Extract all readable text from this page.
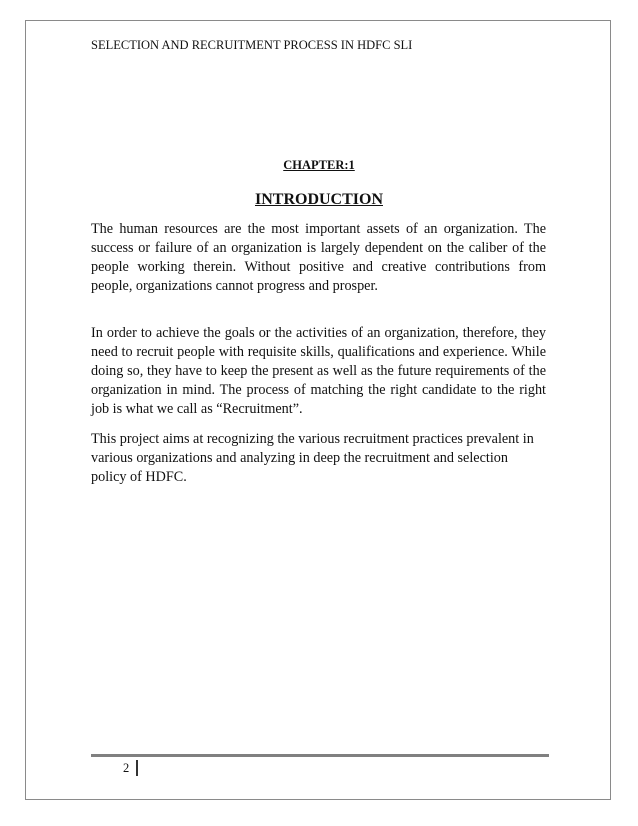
SELECTION AND RECRUITMENT PROCESS IN HDFC SLI
CHAPTER:1
INTRODUCTION

The human resources are the most important assets of an organization. The success or failure of an organization is largely dependent on the caliber of the people working therein. Without positive and creative contributions from people, organizations cannot progress and prosper.

In order to achieve the goals or the activities of an organization, therefore, they need to recruit people with requisite skills, qualifications and experience. While doing so, they have to keep the present as well as the future requirements of the organization in mind. The process of matching the right candidate to the right job is what we call as “Recruitment”.

This project aims at recognizing the various recruitment practices prevalent in various organizations and analyzing in deep the recruitment and selection policy of HDFC.

2
